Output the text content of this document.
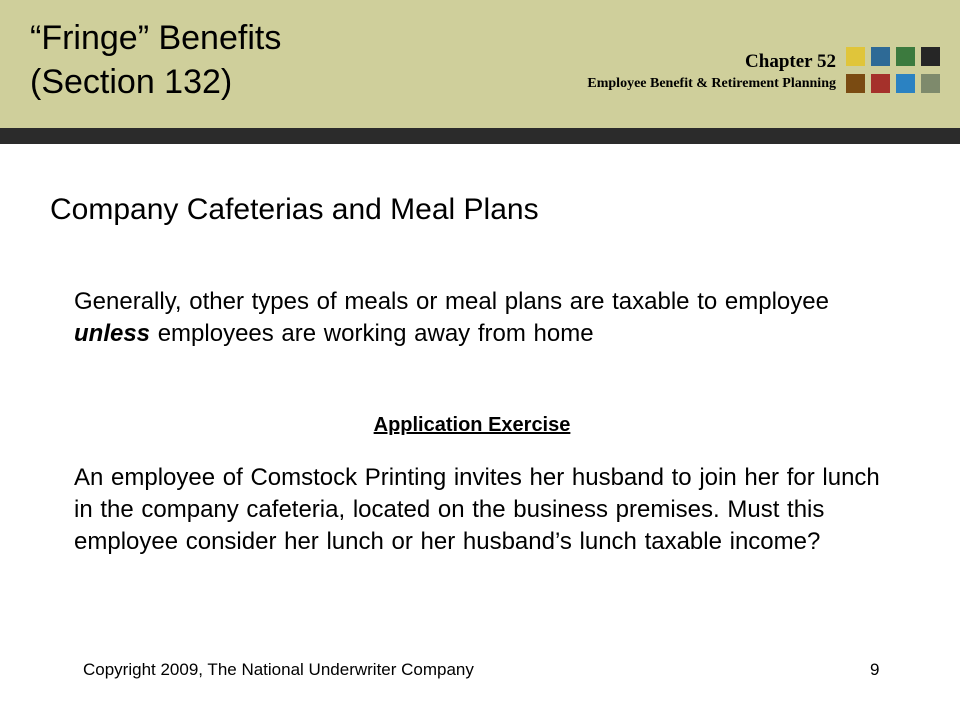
“Fringe” Benefits
(Section 132)
Chapter 52
Employee Benefit & Retirement Planning
Company Cafeterias and Meal Plans

Generally, other types of meals or meal plans are taxable to employee unless employees are working away from home

Application Exercise

An employee of Comstock Printing invites her husband to join her for lunch in the company cafeteria, located on the business premises. Must this employee consider her lunch or her husband’s lunch taxable income?

Copyright 2009, The National Underwriter Company	9
